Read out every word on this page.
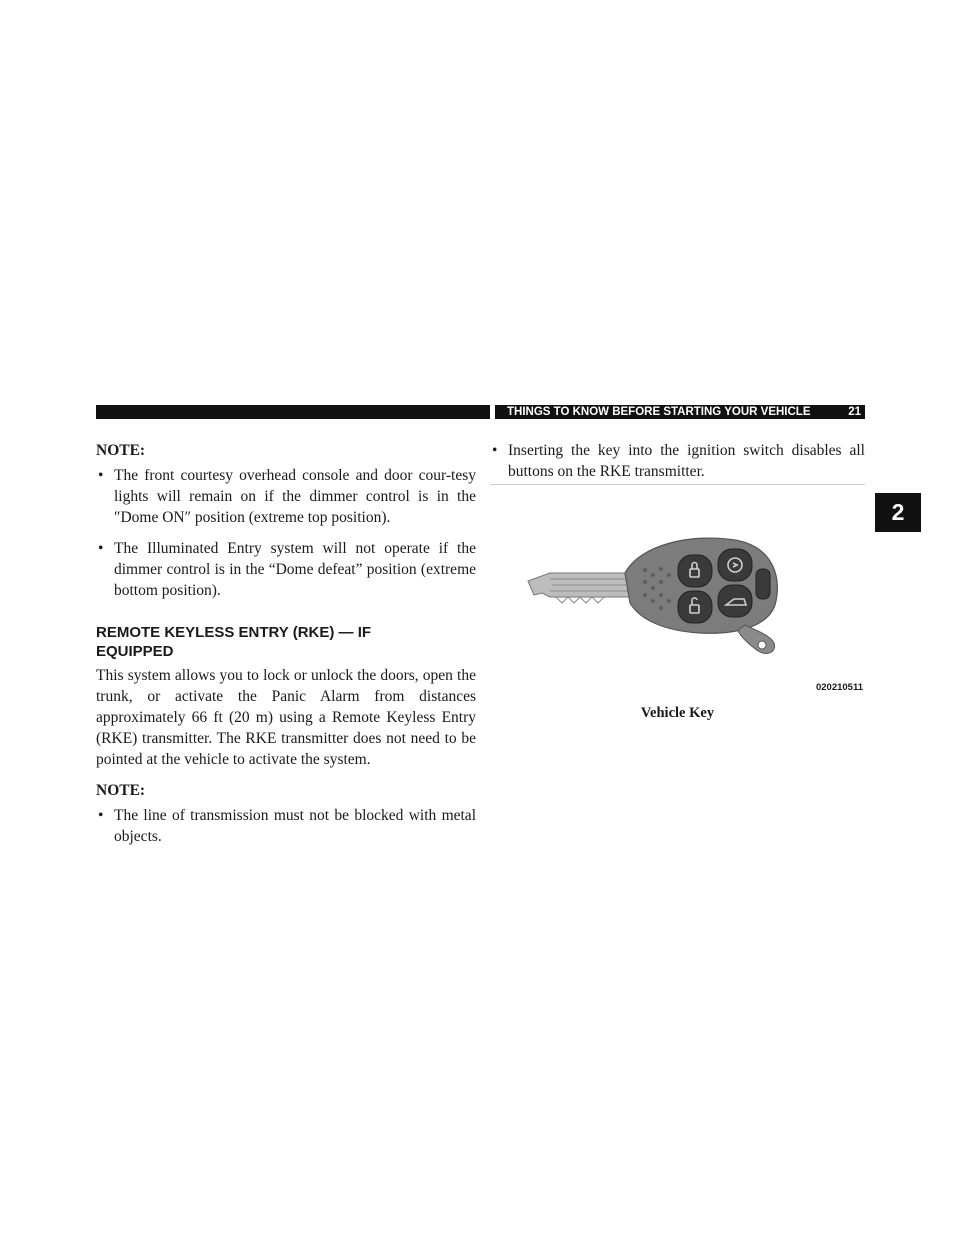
THINGS TO KNOW BEFORE STARTING YOUR VEHICLE	21
2
NOTE:
• The front courtesy overhead console and door cour-tesy lights will remain on if the dimmer control is in the ″Dome ON″ position (extreme top position).
• The Illuminated Entry system will not operate if the dimmer control is in the “Dome defeat” position (extreme bottom position).
REMOTE KEYLESS ENTRY (RKE) — IF EQUIPPED
This system allows you to lock or unlock the doors, open the trunk, or activate the Panic Alarm from distances approximately 66 ft (20 m) using a Remote Keyless Entry (RKE) transmitter. The RKE transmitter does not need to be pointed at the vehicle to activate the system.
NOTE:
• The line of transmission must not be blocked with metal objects.
• Inserting the key into the ignition switch disables all buttons on the RKE transmitter.
020210511
Vehicle Key
